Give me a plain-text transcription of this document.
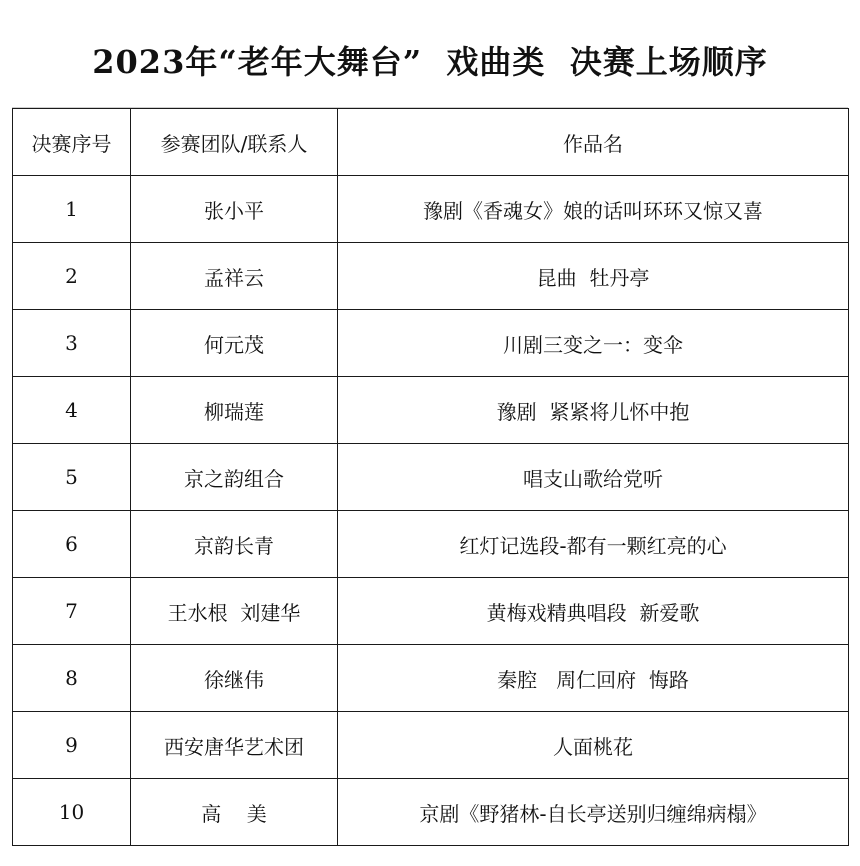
2023年“老年大舞台”  戏曲类  决赛上场顺序
决赛序号	参赛团队/联系人	作品名
1	张小平	豫剧《香魂女》娘的话叫环环又惊又喜
2	孟祥云	昆曲  牡丹亭
3	何元茂	川剧三变之一：变伞
4	柳瑞莲	豫剧  紧紧将儿怀中抱
5	京之韵组合	唱支山歌给党听
6	京韵长青	红灯记选段-都有一颗红亮的心
7	王水根  刘建华	黄梅戏精典唱段  新爱歌
8	徐继伟	秦腔   周仁回府  悔路
9	西安唐华艺术团	人面桃花
10	高    美	京剧《野猪林-自长亭送别归缠绵病榻》
